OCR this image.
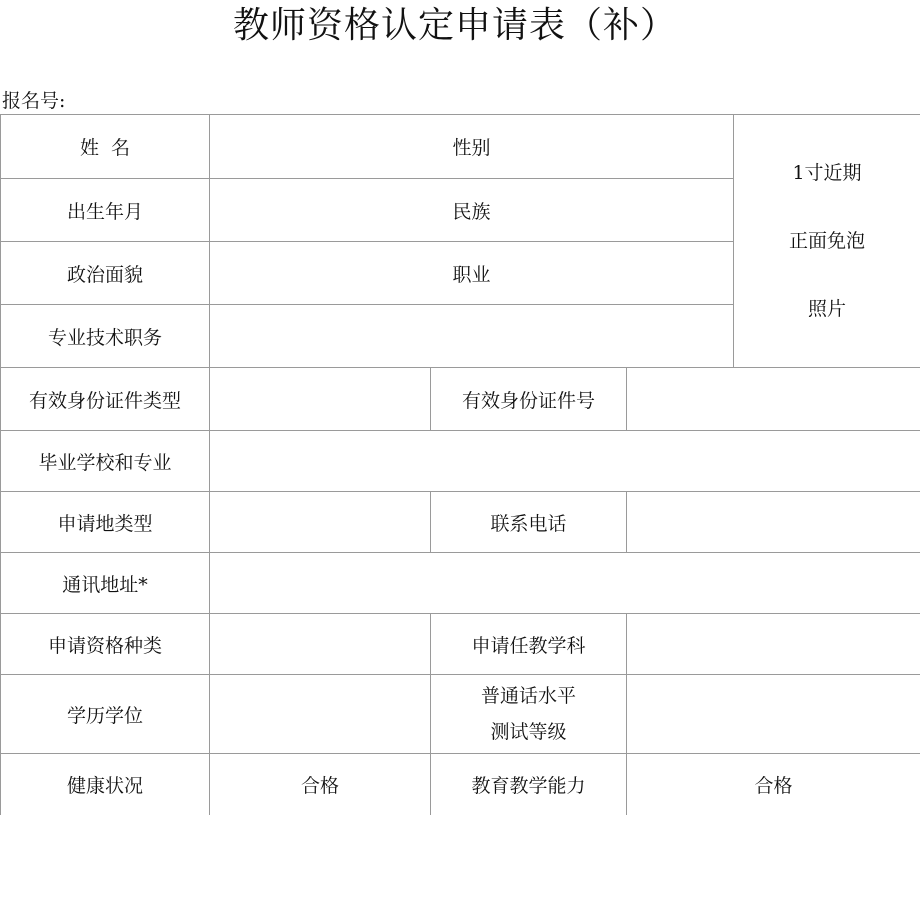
教师资格认定申请表（补）
报名号:
姓  名	性别			1寸近期
正面免泡
照片

出生年月	民族			
政治面貌	职业			
专业技术职务				
有效身份证件类型		有效身份证件号		
毕业学校和专业				
申请地类型		联系电话		
通讯地址*				
申请资格种类		申请任教学科		
学历学位		普通话水平
测试等级		

健康状况	合格	教育教学能力	合格	
